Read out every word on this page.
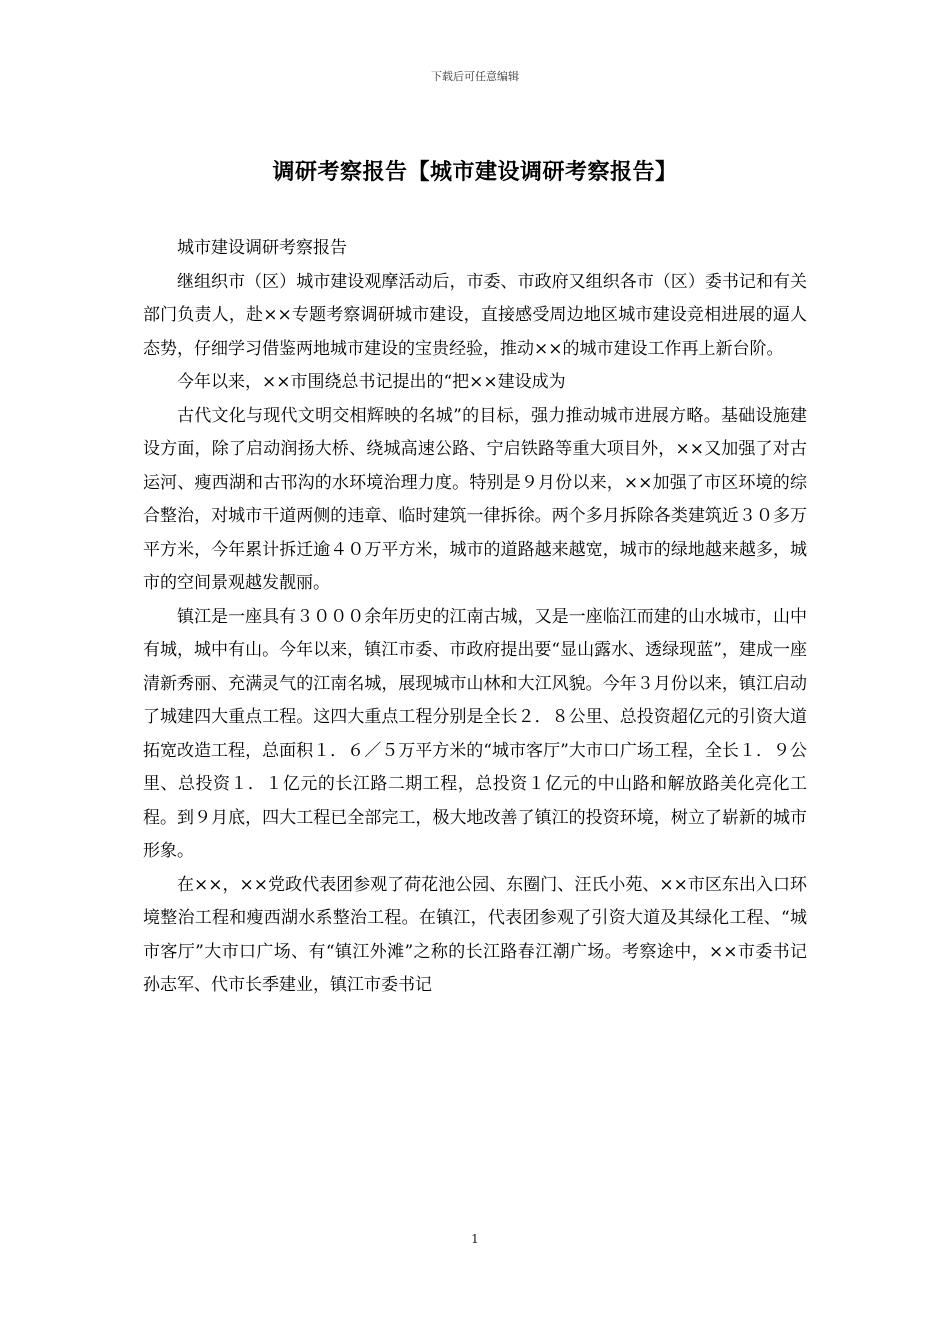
下载后可任意编辑
调研考察报告【城市建设调研考察报告】

城市建设调研考察报告

继组织市（区）城市建设观摩活动后，市委、市政府又组织各市（区）委书记和有关部门负责人，赴××专题考察调研城市建设，直接感受周边地区城市建设竞相进展的逼人态势，仔细学习借鉴两地城市建设的宝贵经验，推动××的城市建设工作再上新台阶。

今年以来，××市围绕总书记提出的“把××建设成为

古代文化与现代文明交相辉映的名城”的目标，强力推动城市进展方略。基础设施建设方面，除了启动润扬大桥、绕城高速公路、宁启铁路等重大项目外，××又加强了对古运河、瘦西湖和古邗沟的水环境治理力度。特别是９月份以来，××加强了市区环境的综合整治，对城市干道两侧的违章、临时建筑一律拆徐。两个多月拆除各类建筑近３０多万平方米，今年累计拆迁逾４０万平方米，城市的道路越来越宽，城市的绿地越来越多，城市的空间景观越发靓丽。

镇江是一座具有３０００余年历史的江南古城，又是一座临江而建的山水城市，山中有城，城中有山。今年以来，镇江市委、市政府提出要“显山露水、透绿现蓝”，建成一座清新秀丽、充满灵气的江南名城，展现城市山林和大江风貌。今年３月份以来，镇江启动了城建四大重点工程。这四大重点工程分别是全长２．８公里、总投资超亿元的引资大道拓宽改造工程，总面积１．６／５万平方米的“城市客厅”大市口广场工程，全长１．９公里、总投资１．１亿元的长江路二期工程，总投资１亿元的中山路和解放路美化亮化工程。到９月底，四大工程已全部完工，极大地改善了镇江的投资环境，树立了崭新的城市形象。

在××，××党政代表团参观了荷花池公园、东圈门、汪氏小苑、××市区东出入口环境整治工程和瘦西湖水系整治工程。在镇江，代表团参观了引资大道及其绿化工程、“城市客厅”大市口广场、有“镇江外滩”之称的长江路春江潮广场。考察途中，××市委书记孙志军、代市长季建业，镇江市委书记

1
